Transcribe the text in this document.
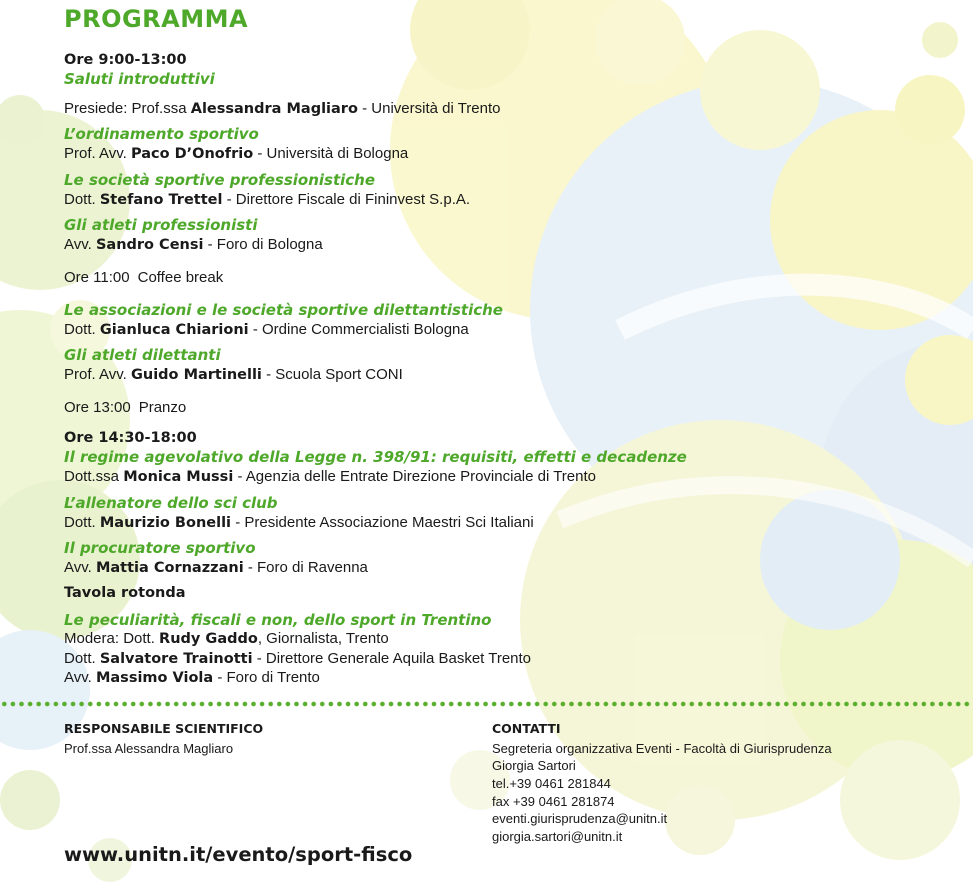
PROGRAMMA
Ore 9:00-13:00
Saluti introduttivi
Presiede: Prof.ssa Alessandra Magliaro - Università di Trento
L’ordinamento sportivo
Prof. Avv. Paco D’Onofrio - Università di Bologna
Le società sportive professionistiche
Dott. Stefano Trettel - Direttore Fiscale di Fininvest S.p.A.
Gli atleti professionisti
Avv. Sandro Censi - Foro di Bologna
Ore 11:00 Coffee break
Le associazioni e le società sportive dilettantistiche
Dott. Gianluca Chiarioni - Ordine Commercialisti Bologna
Gli atleti dilettanti
Prof. Avv. Guido Martinelli - Scuola Sport CONI
Ore 13:00 Pranzo
Ore 14:30-18:00
Il regime agevolativo della Legge n. 398/91: requisiti, effetti e decadenze
Dott.ssa Monica Mussi - Agenzia delle Entrate Direzione Provinciale di Trento
L’allenatore dello sci club
Dott. Maurizio Bonelli - Presidente Associazione Maestri Sci Italiani
Il procuratore sportivo
Avv. Mattia Cornazzani - Foro di Ravenna
Tavola rotonda
Le peculiarità, fiscali e non, dello sport in Trentino
Modera: Dott. Rudy Gaddo, Giornalista, Trento
Dott. Salvatore Trainotti - Direttore Generale Aquila Basket Trento
Avv. Massimo Viola - Foro di Trento
RESPONSABILE SCIENTIFICO
Prof.ssa Alessandra Magliaro
CONTATTI
Segreteria organizzativa Eventi - Facoltà di Giurisprudenza
Giorgia Sartori
tel.+39 0461 281844
fax +39 0461 281874
eventi.giurisprudenza@unitn.it
giorgia.sartori@unitn.it
www.unitn.it/evento/sport-fisco
